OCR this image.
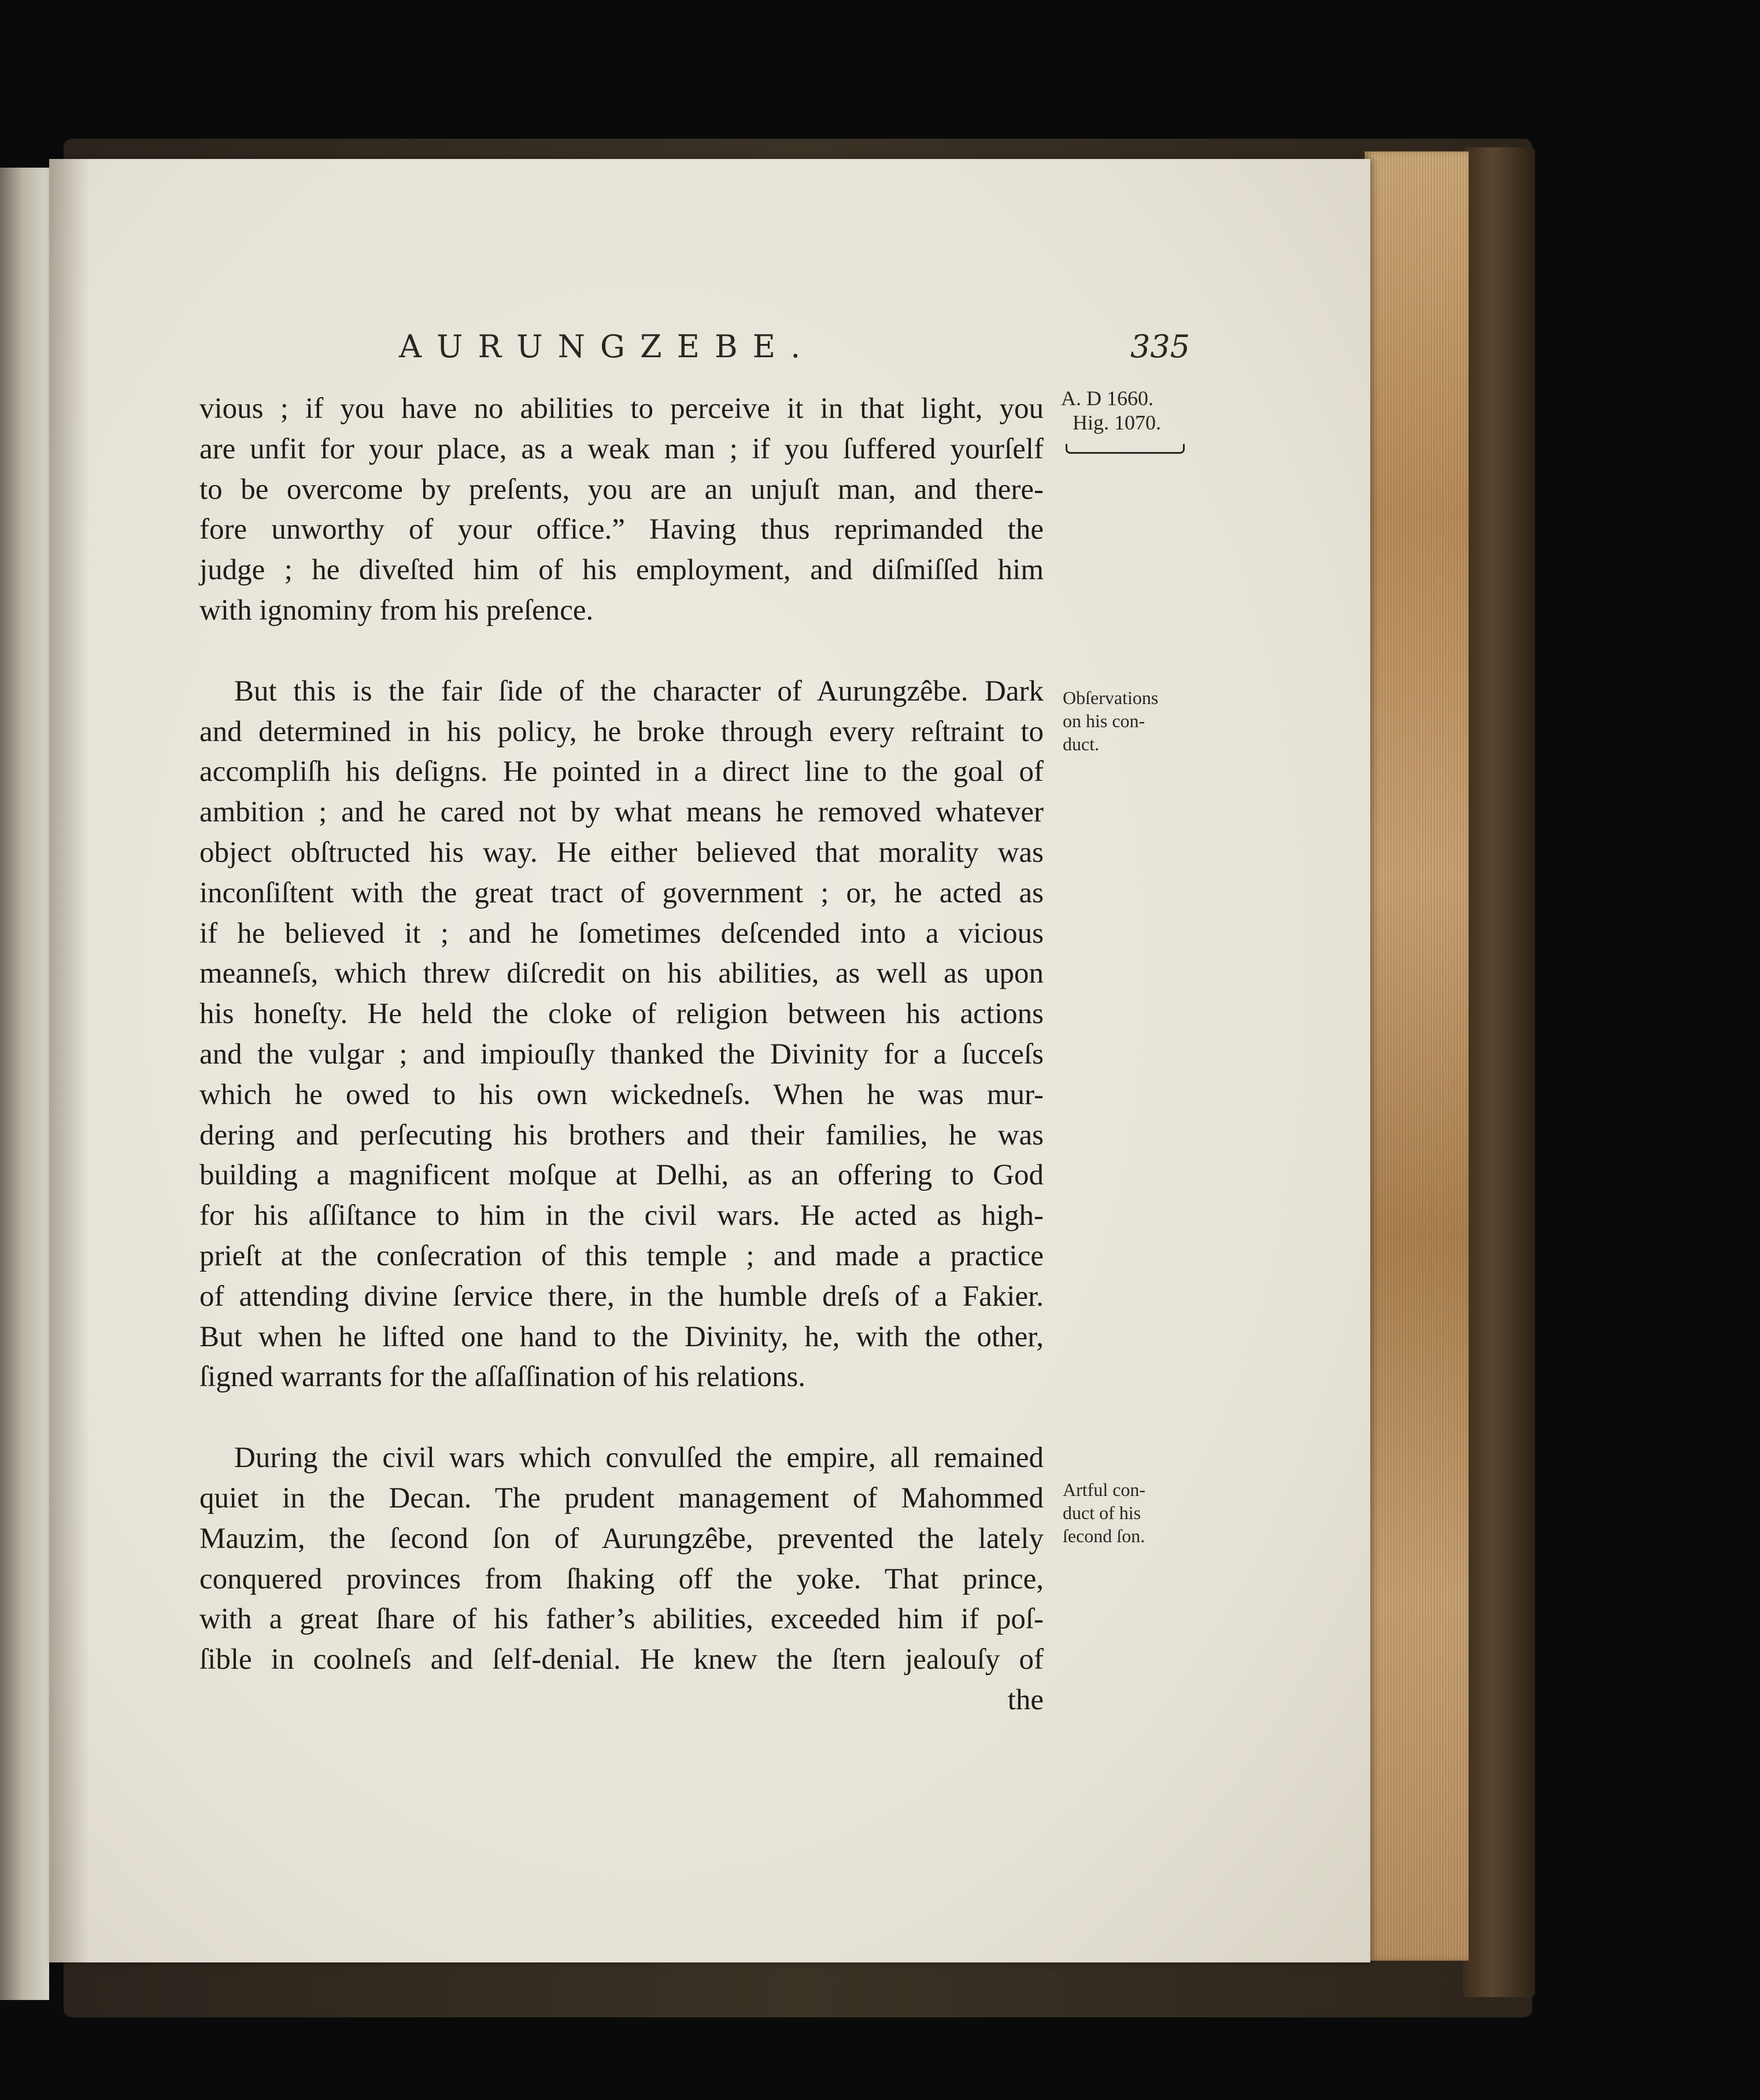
AURUNGZEBE.	335
A. D 1660.
Hig. 1070.
Obſervations
on his con-
duct.
Artful con-
duct of his
ſecond ſon.

vious ; if you have no abilities to perceive it in that light, you
are unfit for your place, as a weak man ; if you ſuffered yourſelf
to be overcome by preſents, you are an unjuſt man, and there-
fore unworthy of your office.” Having thus reprimanded the
judge ; he diveſted him of his employment, and diſmiſſed him
with ignominy from his preſence.

But this is the fair ſide of the character of Aurungzêbe. Dark
and determined in his policy, he broke through every reſtraint to
accompliſh his deſigns. He pointed in a direct line to the goal of
ambition ; and he cared not by what means he removed whatever
object obſtructed his way. He either believed that morality was
inconſiſtent with the great tract of government ; or, he acted as
if he believed it ; and he ſometimes deſcended into a vicious
meanneſs, which threw diſcredit on his abilities, as well as upon
his honeſty. He held the cloke of religion between his actions
and the vulgar ; and impiouſly thanked the Divinity for a ſucceſs
which he owed to his own wickedneſs. When he was mur-
dering and perſecuting his brothers and their families, he was
building a magnificent moſque at Delhi, as an offering to God
for his aſſiſtance to him in the civil wars. He acted as high-
prieſt at the conſecration of this temple ; and made a practice
of attending divine ſervice there, in the humble dreſs of a Fakier.
But when he lifted one hand to the Divinity, he, with the other,
ſigned warrants for the aſſaſſination of his relations.

During the civil wars which convulſed the empire, all remained
quiet in the Decan. The prudent management of Mahommed
Mauzim, the ſecond ſon of Aurungzêbe, prevented the lately
conquered provinces from ſhaking off the yoke. That prince,
with a great ſhare of his father’s abilities, exceeded him if poſ-
ſible in coolneſs and ſelf-denial. He knew the ſtern jealouſy of
the
